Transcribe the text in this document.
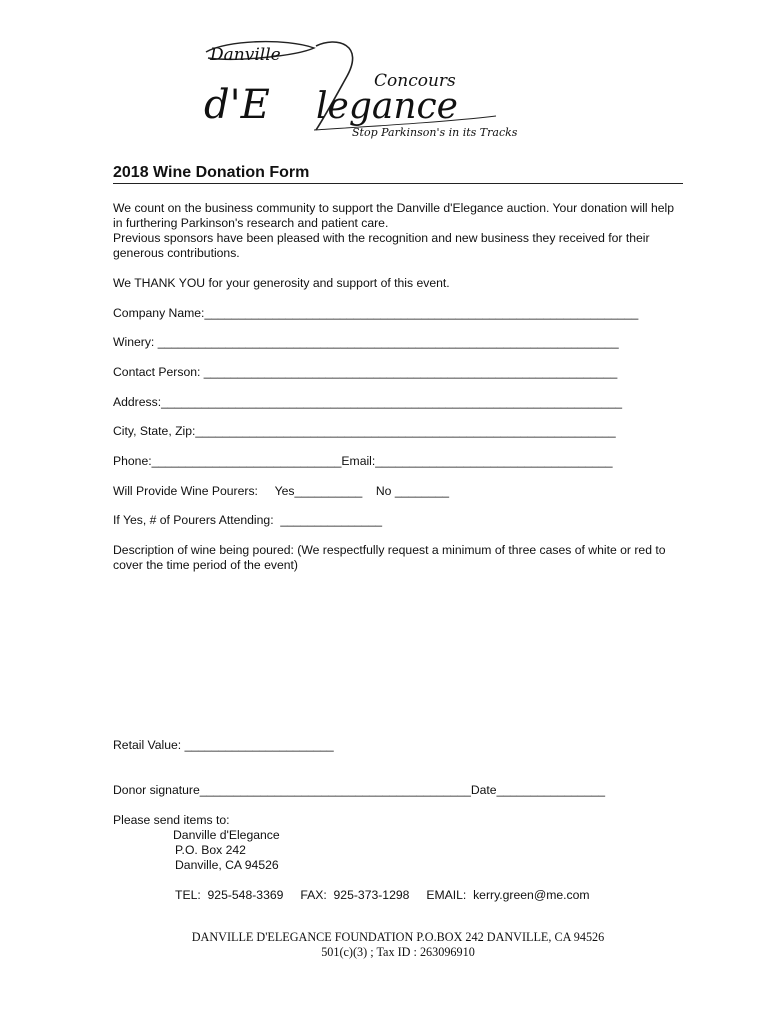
Danville
d'E legance
Concours
Stop Parkinson's in its Tracks
2018 Wine Donation Form
We count on the business community to support the Danville d'Elegance auction. Your donation will help in furthering Parkinson's research and patient care.
Previous sponsors have been pleased with the recognition and new business they received for their generous contributions.
We THANK YOU for your generosity and support of this event.
Company Name:________________________________________________________________
Winery: ____________________________________________________________________
Contact Person: _____________________________________________________________
Address:____________________________________________________________________
City, State, Zip:______________________________________________________________
Phone:____________________________Email:___________________________________
Will Provide Wine Pourers:     Yes__________    No ________
If Yes, # of Pourers Attending:  _______________
Description of wine being poured: (We respectfully request a minimum of three cases of white or red to cover the time period of the event)
Retail Value: ______________________
Donor signature________________________________________Date________________
Please send items to:
Danville d'Elegance
P.O. Box 242
Danville, CA 94526
TEL:  925-548-3369     FAX:  925-373-1298     EMAIL:  kerry.green@me.com
DANVILLE D'ELEGANCE FOUNDATION P.O.BOX 242 DANVILLE, CA 94526
501(c)(3) ; Tax ID : 263096910
